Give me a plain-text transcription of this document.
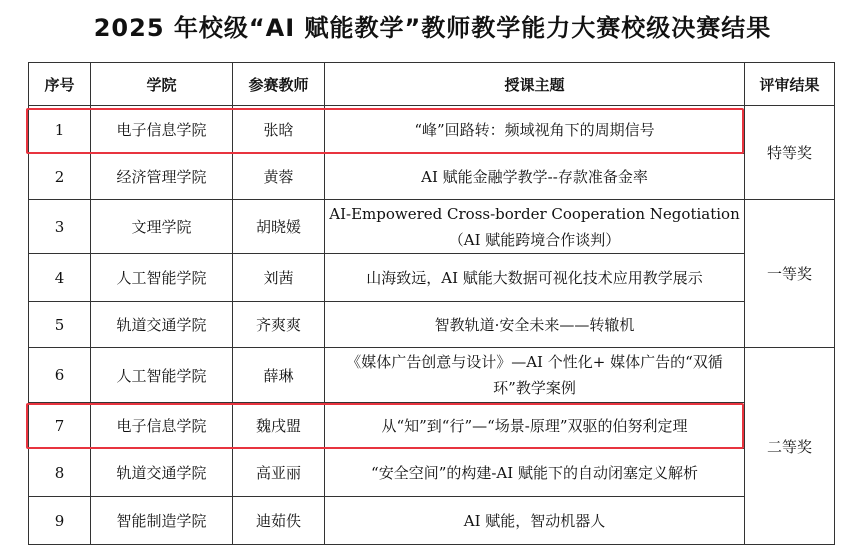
2025 年校级“AI 赋能教学”教师教学能力大赛校级决赛结果
序号	学院	参赛教师	授课主题	评审结果
1	电子信息学院	张晗	“峰”回路转：频域视角下的周期信号	特等奖
2	经济管理学院	黄蓉	AI 赋能金融学教学--存款准备金率	
3	文理学院	胡晓媛	AI-Empowered Cross-border Cooperation Negotiation（AI 赋能跨境合作谈判）	一等奖
4	人工智能学院	刘茜	山海致远，AI 赋能大数据可视化技术应用教学展示	
5	轨道交通学院	齐爽爽	智教轨道·安全未来——转辙机	
6	人工智能学院	薛琳	《媒体广告创意与设计》—AI 个性化+ 媒体广告的“双循环”教学案例	二等奖
7	电子信息学院	魏戌盟	从“知”到“行”—“场景-原理”双驱的伯努利定理	
8	轨道交通学院	高亚丽	“安全空间”的构建-AI 赋能下的自动闭塞定义解析	
9	智能制造学院	迪茹佚	AI 赋能，智动机器人	
